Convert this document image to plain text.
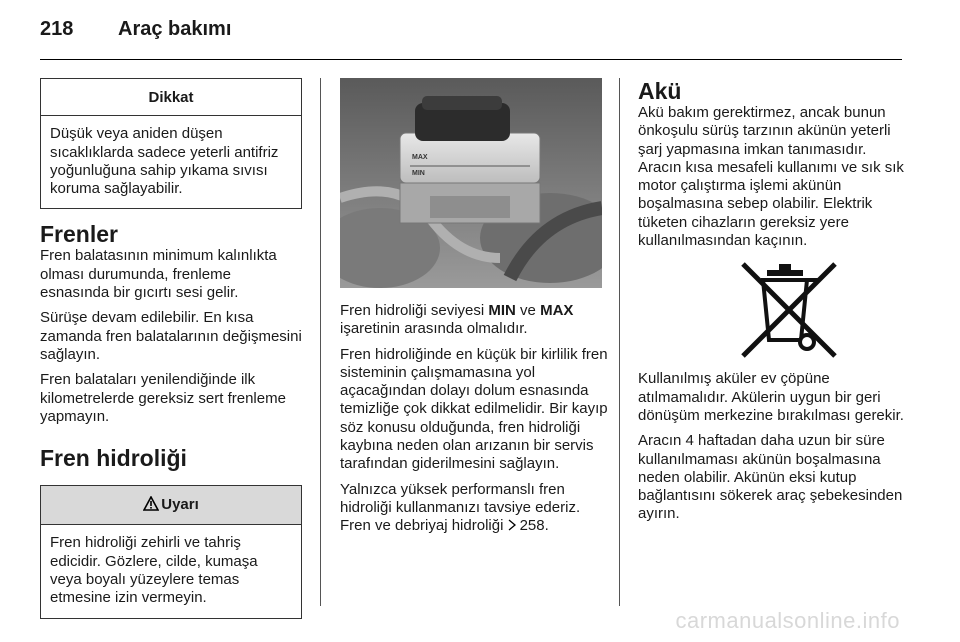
218 Araç bakımı
Dikkat
Düşük veya aniden düşen sıcaklıklarda sadece yeterli antifriz yoğunluğuna sahip yıkama sıvısı koruma sağlayabilir.
Frenler

Fren balatasının minimum kalınlıkta olması durumunda, frenleme esnasında bir gıcırtı sesi gelir.

Sürüşe devam edilebilir. En kısa zamanda fren balatalarının değişmesini sağlayın.

Fren balataları yenilendiğinde ilk kilometrelerde gereksiz sert frenleme yapmayın.

Fren hidroliği
Uyarı
Fren hidroliği zehirli ve tahriş edicidir. Gözlere, cilde, kumaşa veya boyalı yüzeylere temas etmesine izin vermeyin.
MAX
MIN

Fren hidroliği seviyesi MIN ve MAX işaretinin arasında olmalıdır.

Fren hidroliğinde en küçük bir kirlilik fren sisteminin çalışmamasına yol açacağından dolayı dolum esnasında temizliğe çok dikkat edilmelidir. Bir kayıp söz konusu olduğunda, fren hidroliği kaybına neden olan arızanın bir servis tarafından giderilmesini sağlayın.

Yalnızca yüksek performanslı fren hidroliği kullanmanızı tavsiye ederiz. Fren ve debriyaj hidroliği 258.

Akü

Akü bakım gerektirmez, ancak bunun önkoşulu sürüş tarzının akünün yeterli şarj yapmasına imkan tanımasıdır. Aracın kısa mesafeli kullanımı ve sık sık motor çalıştırma işlemi akünün boşalmasına sebep olabilir. Elektrik tüketen cihazların gereksiz yere kullanılmasından kaçının.

Kullanılmış aküler ev çöpüne atılmamalıdır. Akülerin uygun bir geri dönüşüm merkezine bırakılması gerekir.

Aracın 4 haftadan daha uzun bir süre kullanılmaması akünün boşalmasına neden olabilir. Akünün eksi kutup bağlantısını sökerek araç şebekesinden ayırın.

carmanualsonline.info
